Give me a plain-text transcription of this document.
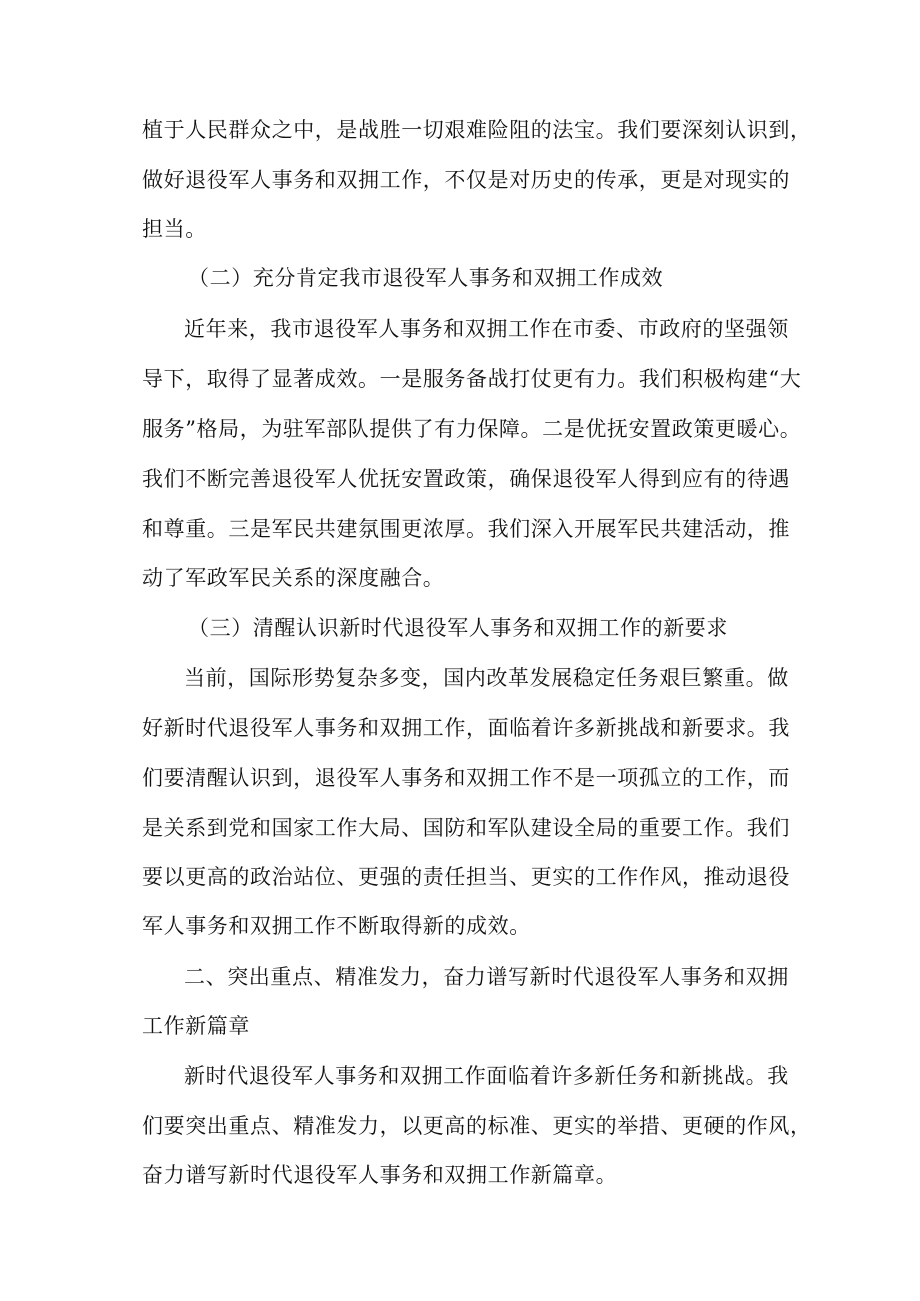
植于人民群众之中，是战胜一切艰难险阻的法宝。我们要深刻认识到，
做好退役军人事务和双拥工作，不仅是对历史的传承，更是对现实的
担当。
（二）充分肯定我市退役军人事务和双拥工作成效
近年来，我市退役军人事务和双拥工作在市委、市政府的坚强领
导下，取得了显著成效。一是服务备战打仗更有力。我们积极构建“大
服务”格局，为驻军部队提供了有力保障。二是优抚安置政策更暖心。
我们不断完善退役军人优抚安置政策，确保退役军人得到应有的待遇
和尊重。三是军民共建氛围更浓厚。我们深入开展军民共建活动，推
动了军政军民关系的深度融合。
（三）清醒认识新时代退役军人事务和双拥工作的新要求
当前，国际形势复杂多变，国内改革发展稳定任务艰巨繁重。做
好新时代退役军人事务和双拥工作，面临着许多新挑战和新要求。我
们要清醒认识到，退役军人事务和双拥工作不是一项孤立的工作，而
是关系到党和国家工作大局、国防和军队建设全局的重要工作。我们
要以更高的政治站位、更强的责任担当、更实的工作作风，推动退役
军人事务和双拥工作不断取得新的成效。
二、突出重点、精准发力，奋力谱写新时代退役军人事务和双拥
工作新篇章
新时代退役军人事务和双拥工作面临着许多新任务和新挑战。我
们要突出重点、精准发力，以更高的标准、更实的举措、更硬的作风，
奋力谱写新时代退役军人事务和双拥工作新篇章。
